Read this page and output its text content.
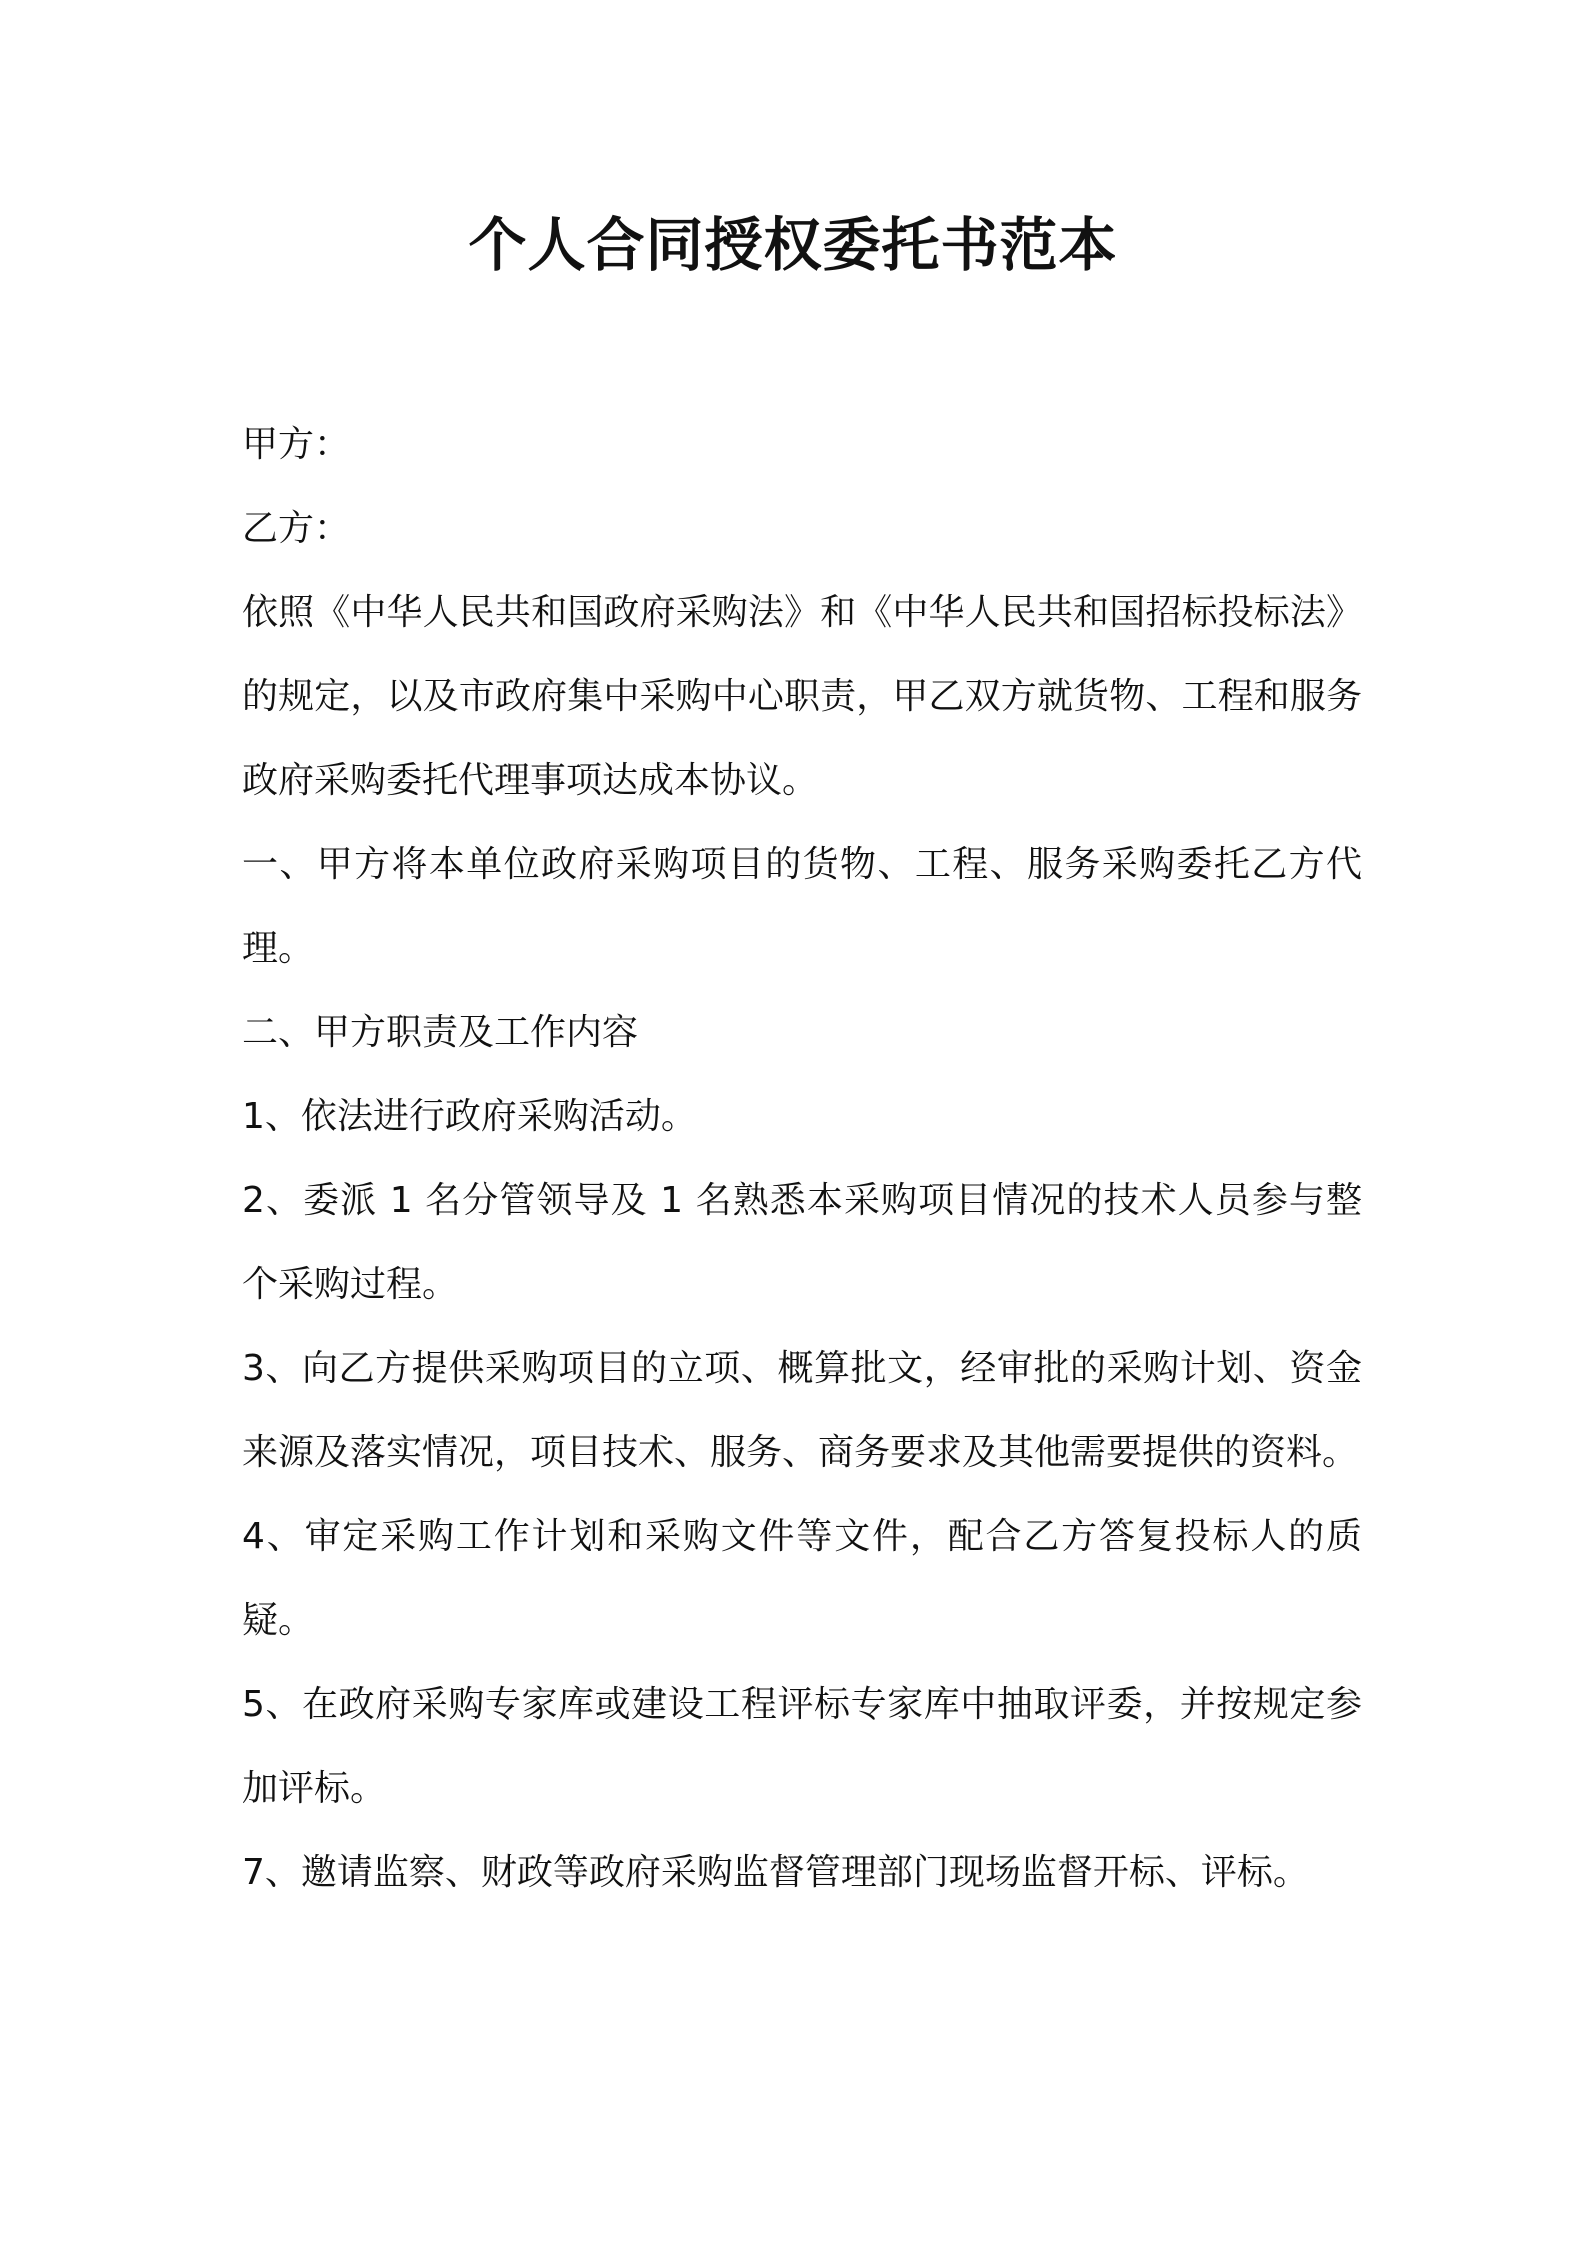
个人合同授权委托书范本

甲方：

乙方：

依照《中华人民共和国政府采购法》和《中华人民共和国招标投标法》的规定，以及市政府集中采购中心职责，甲乙双方就货物、工程和服务政府采购委托代理事项达成本协议。

一、甲方将本单位政府采购项目的货物、工程、服务采购委托乙方代理。

二、甲方职责及工作内容

1、依法进行政府采购活动。

2、委派 1 名分管领导及 1 名熟悉本采购项目情况的技术人员参与整个采购过程。

3、向乙方提供采购项目的立项、概算批文，经审批的采购计划、资金来源及落实情况，项目技术、服务、商务要求及其他需要提供的资料。

4、审定采购工作计划和采购文件等文件，配合乙方答复投标人的质疑。

5、在政府采购专家库或建设工程评标专家库中抽取评委，并按规定参加评标。

7、邀请监察、财政等政府采购监督管理部门现场监督开标、评标。
